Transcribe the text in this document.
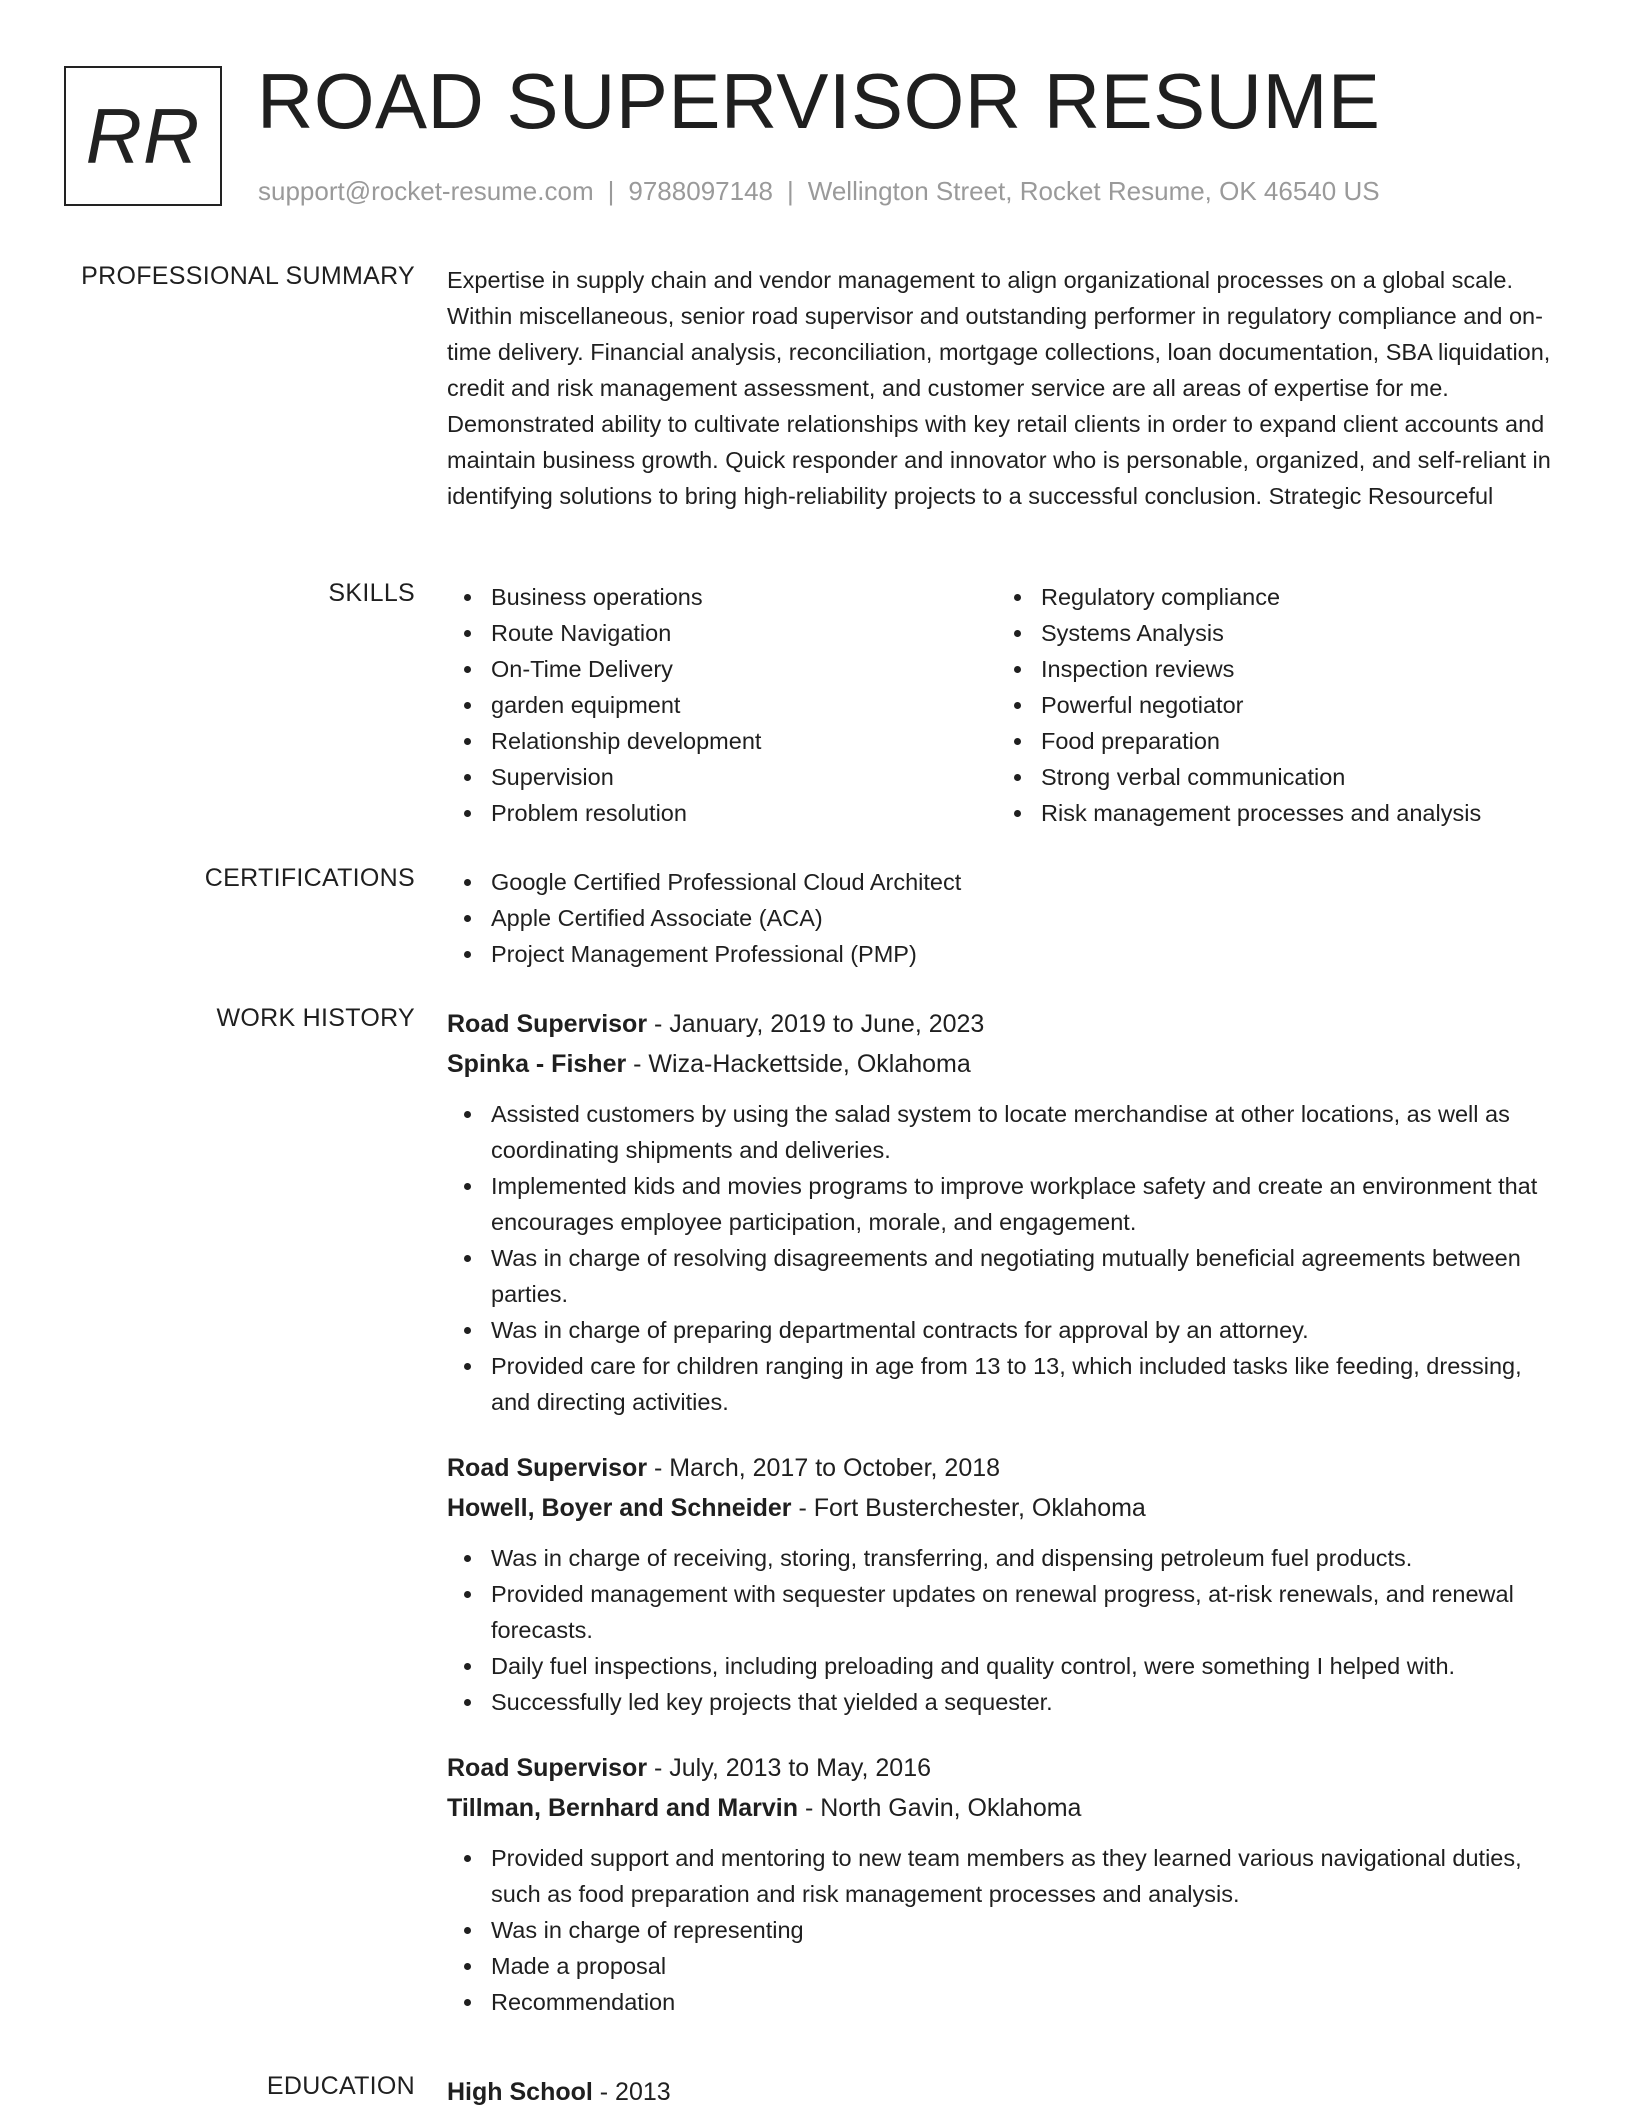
RR ROAD SUPERVISOR RESUME
support@rocket-resume.com | 9788097148 | Wellington Street, Rocket Resume, OK 46540 US
PROFESSIONAL SUMMARY Expertise in supply chain and vendor management to align organizational processes on a global scale. Within miscellaneous, senior road supervisor and outstanding performer in regulatory compliance and on-time delivery. Financial analysis, reconciliation, mortgage collections, loan documentation, SBA liquidation, credit and risk management assessment, and customer service are all areas of expertise for me. Demonstrated ability to cultivate relationships with key retail clients in order to expand client accounts and maintain business growth. Quick responder and innovator who is personable, organized, and self-reliant in identifying solutions to bring high-reliability projects to a successful conclusion. Strategic Resourceful

SKILLS	Business operations
Route Navigation
On-Time Delivery
garden equipment
Relationship development
Supervision
Problem resolution
Regulatory compliance
Systems Analysis
Inspection reviews
Powerful negotiator
Food preparation
Strong verbal communication
Risk management processes and analysis
CERTIFICATIONS	Google Certified Professional Cloud Architect
Apple Certified Associate (ACA)
Project Management Professional (PMP)
WORK HISTORY Road Supervisor - January, 2019 to June, 2023
Spinka - Fisher - Wiza-Hackettside, Oklahoma
Assisted customers by using the salad system to locate merchandise at other locations, as well as coordinating shipments and deliveries.
Implemented kids and movies programs to improve workplace safety and create an environment that encourages employee participation, morale, and engagement.
Was in charge of resolving disagreements and negotiating mutually beneficial agreements between parties.
Was in charge of preparing departmental contracts for approval by an attorney.
Provided care for children ranging in age from 13 to 13, which included tasks like feeding, dressing, and directing activities.
Road Supervisor - March, 2017 to October, 2018
Howell, Boyer and Schneider - Fort Busterchester, Oklahoma
Was in charge of receiving, storing, transferring, and dispensing petroleum fuel products.
Provided management with sequester updates on renewal progress, at-risk renewals, and renewal forecasts.
Daily fuel inspections, including preloading and quality control, were something I helped with.
Successfully led key projects that yielded a sequester.
Road Supervisor - July, 2013 to May, 2016
Tillman, Bernhard and Marvin - North Gavin, Oklahoma
Provided support and mentoring to new team members as they learned various navigational duties, such as food preparation and risk management processes and analysis.
Was in charge of representing
Made a proposal
Recommendation
EDUCATION High School - 2013
